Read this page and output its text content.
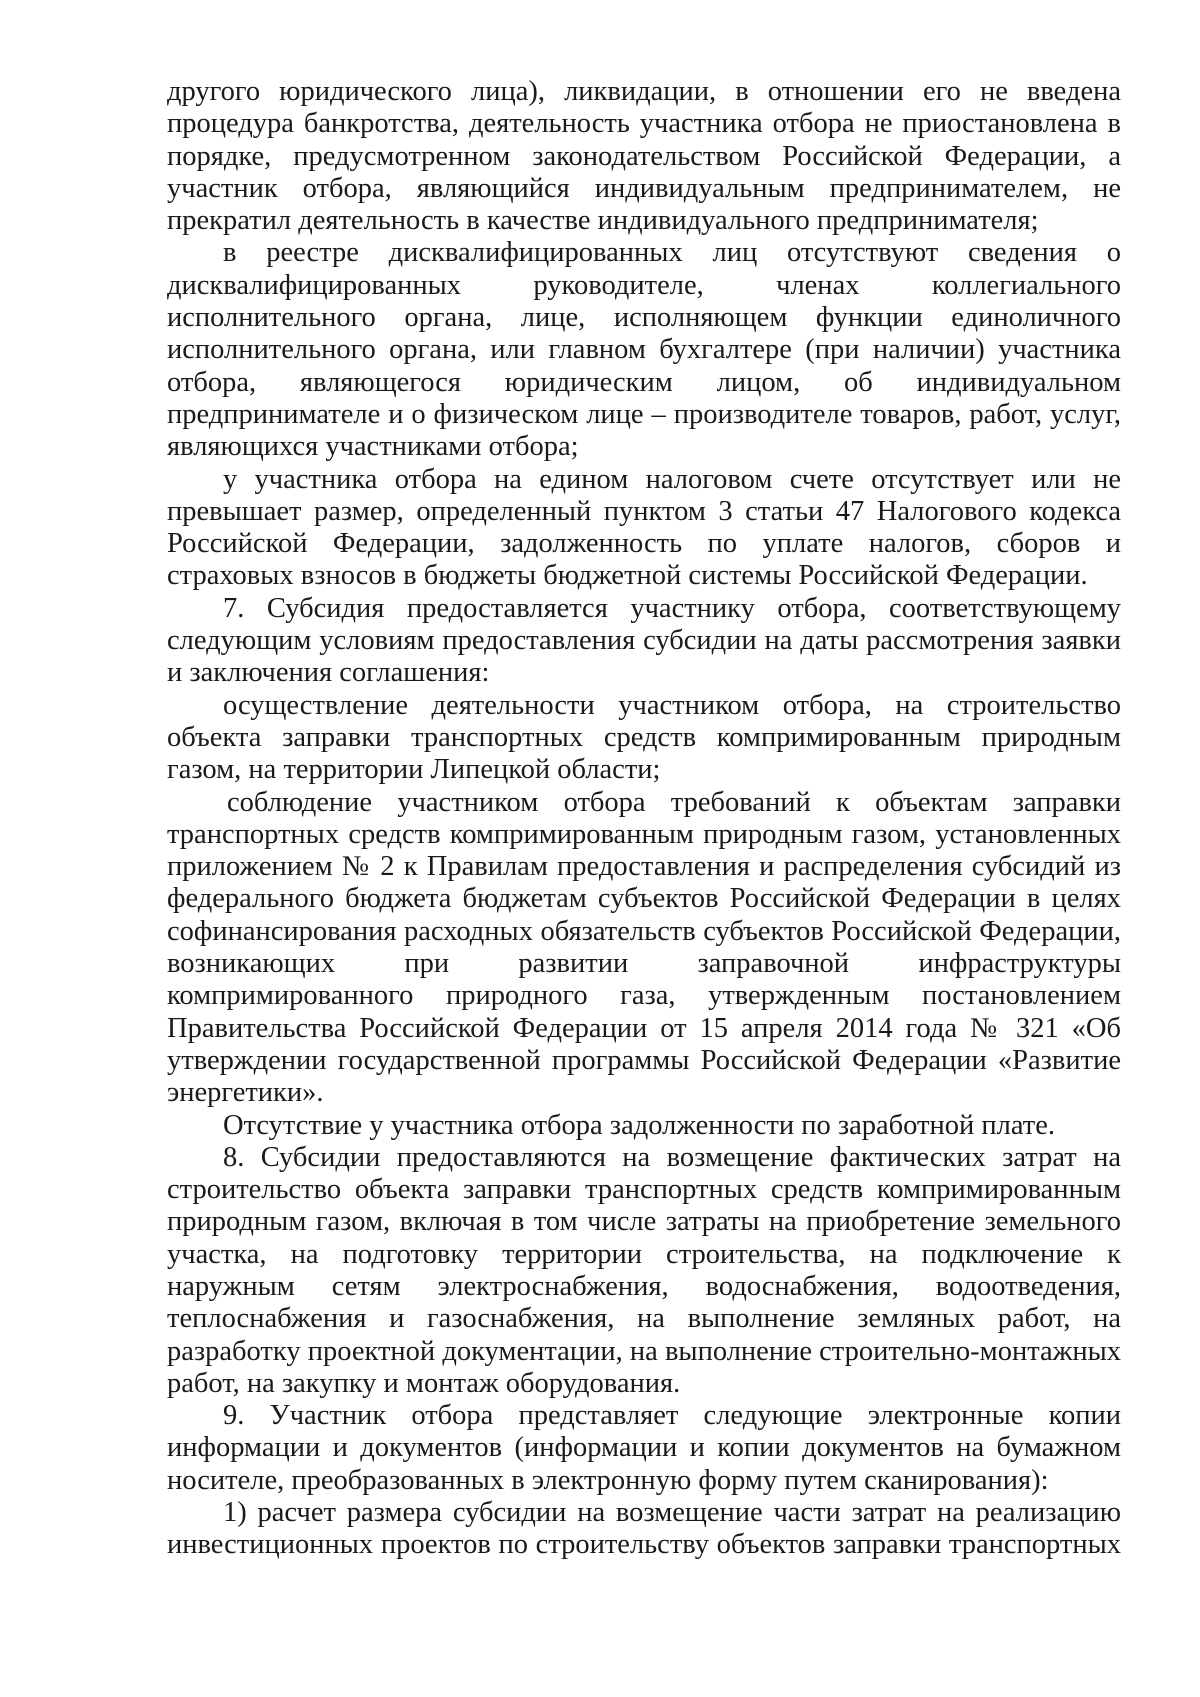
другого юридического лица), ликвидации, в отношении его не введена процедура банкротства, деятельность участника отбора не приостановлена в порядке, предусмотренном законодательством Российской Федерации, а участник отбора, являющийся индивидуальным предпринимателем, не прекратил деятельность в качестве индивидуального предпринимателя;

в реестре дисквалифицированных лиц отсутствуют сведения о дисквалифицированных руководителе, членах коллегиального исполнительного органа, лице, исполняющем функции единоличного исполнительного органа, или главном бухгалтере (при наличии) участника отбора, являющегося юридическим лицом, об индивидуальном предпринимателе и о физическом лице – производителе товаров, работ, услуг, являющихся участниками отбора;

у участника отбора на едином налоговом счете отсутствует или не превышает размер, определенный пунктом 3 статьи 47 Налогового кодекса Российской Федерации, задолженность по уплате налогов, сборов и страховых взносов в бюджеты бюджетной системы Российской Федерации.

7. Субсидия предоставляется участнику отбора, соответствующему следующим условиям предоставления субсидии на даты рассмотрения заявки и заключения соглашения:

осуществление деятельности участником отбора, на строительство объекта заправки транспортных средств компримированным природным газом, на территории Липецкой области;

соблюдение участником отбора требований к объектам заправки транспортных средств компримированным природным газом, установленных приложением № 2 к Правилам предоставления и распределения субсидий из федерального бюджета бюджетам субъектов Российской Федерации в целях софинансирования расходных обязательств субъектов Российской Федерации, возникающих при развитии заправочной инфраструктуры компримированного природного газа, утвержденным постановлением Правительства Российской Федерации от 15 апреля 2014 года № 321 «Об утверждении государственной программы Российской Федерации «Развитие энергетики».

Отсутствие у участника отбора задолженности по заработной плате.

8. Субсидии предоставляются на возмещение фактических затрат на строительство объекта заправки транспортных средств компримированным природным газом, включая в том числе затраты на приобретение земельного участка, на подготовку территории строительства, на подключение к наружным сетям электроснабжения, водоснабжения, водоотведения, теплоснабжения и газоснабжения, на выполнение земляных работ, на разработку проектной документации, на выполнение строительно-монтажных работ, на закупку и монтаж оборудования.

9. Участник отбора представляет следующие электронные копии информации и документов (информации и копии документов на бумажном носителе, преобразованных в электронную форму путем сканирования):

1) расчет размера субсидии на возмещение части затрат на реализацию инвестиционных проектов по строительству объектов заправки транспортных
